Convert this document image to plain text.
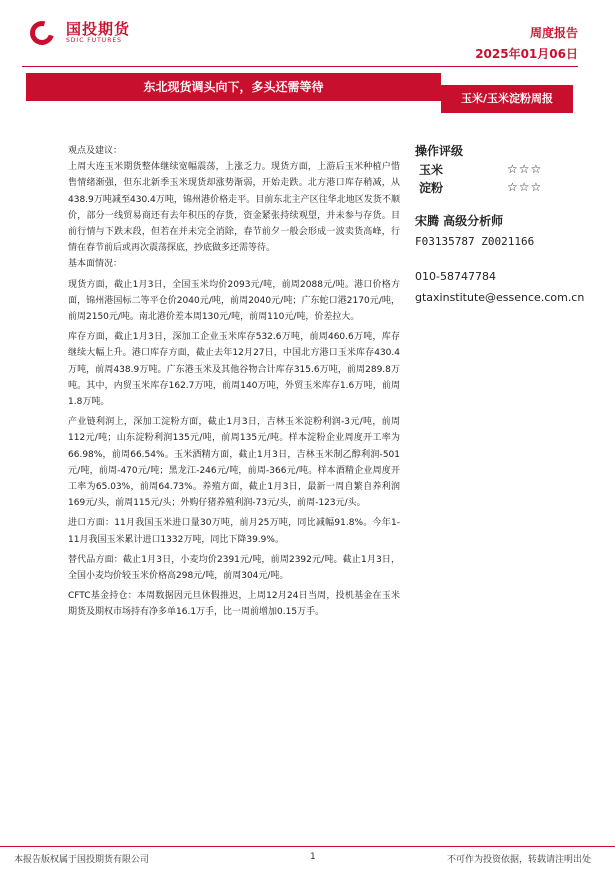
国投期货
SDIC FUTURES
周度报告
2025年01月06日
东北现货调头向下，多头还需等待
玉米/玉米淀粉周报

观点及建议：

上周大连玉米期货整体继续宽幅震荡，上涨乏力。现货方面，上游后玉米种植户惜售情绪渐强，但东北新季玉米现货却涨势渐弱，开始走跌。北方港口库存稍减，从438.9万吨减至430.4万吨，锦州港价格走平。目前东北主产区往华北地区发货不顺价，部分一线贸易商还有去年积压的存货，资金紧张持续观望，并未参与存货。目前行情与下跌末段，但若在并未完全消除，春节前夕一般会形成一波卖货高峰，行情在春节前后或再次震荡探底，抄底做多还需等待。

基本面情况：

现货方面，截止1月3日，全国玉米均价2093元/吨，前周2088元/吨。港口价格方面，锦州港国标二等平仓价2040元/吨，前周2040元/吨；广东蛇口港2170元/吨，前周2150元/吨。南北港价差本周130元/吨，前周110元/吨，价差拉大。

库存方面，截止1月3日，深加工企业玉米库存532.6万吨，前周460.6万吨，库存继续大幅上升。港口库存方面，截止去年12月27日，中国北方港口玉米库存430.4万吨，前周438.9万吨。广东港玉米及其他谷物合计库存315.6万吨，前周289.8万吨。其中，内贸玉米库存162.7万吨，前周140万吨，外贸玉米库存1.6万吨，前周1.8万吨。

产业链利润上，深加工淀粉方面，截止1月3日，吉林玉米淀粉利润-3元/吨，前周112元/吨；山东淀粉利润135元/吨，前周135元/吨。样本淀粉企业周度开工率为66.98%，前周66.54%。玉米酒精方面，截止1月3日，吉林玉米制乙醇利润-501元/吨，前周-470元/吨；黑龙江-246元/吨，前周-366元/吨。样本酒精企业周度开工率为65.03%，前周64.73%。养殖方面，截止1月3日，最新一周自繁自养利润169元/头，前周115元/头；外购仔猪养殖利润-73元/头，前周-123元/头。

进口方面：11月我国玉米进口量30万吨，前月25万吨，同比减幅91.8%。今年1-11月我国玉米累计进口1332万吨，同比下降39.9%。

替代品方面：截止1月3日，小麦均价2391元/吨，前周2392元/吨。截止1月3日，全国小麦均价较玉米价格高298元/吨，前周304元/吨。

CFTC基金持仓：本周数据因元旦休假推迟，上周12月24日当周，投机基金在玉米期货及期权市场持有净多单16.1万手，比一周前增加0.15万手。

操作评级
玉米	☆☆☆
淀粉	☆☆☆
宋腾 高级分析师
F03135787 Z0021166
010-58747784
gtaxinstitute@essence.com.cn
本报告版权属于国投期货有限公司	1	不可作为投资依据，转载请注明出处
